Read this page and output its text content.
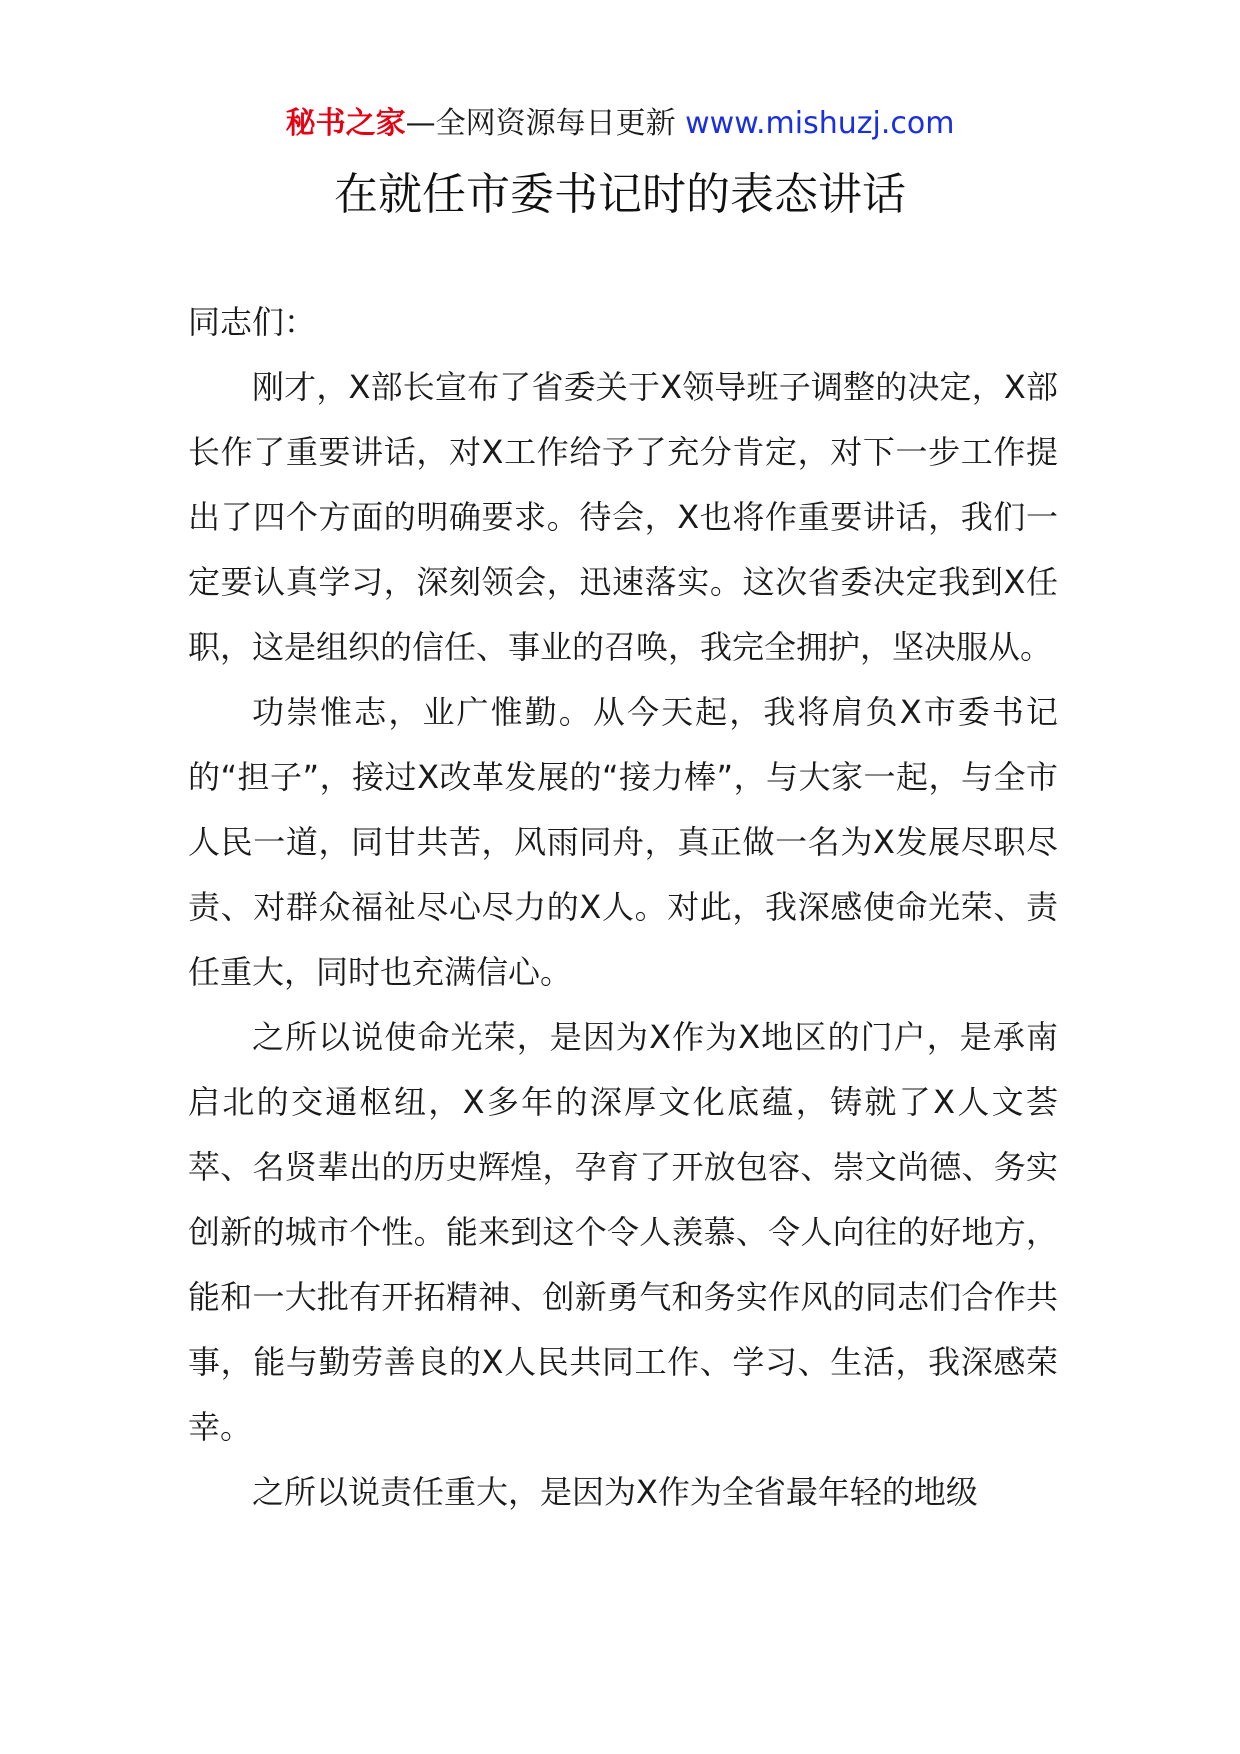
秘书之家—全网资源每日更新 www.mishuzj.com
在就任市委书记时的表态讲话

同志们：

刚才，X部长宣布了省委关于X领导班子调整的决定，X部长作了重要讲话，对X工作给予了充分肯定，对下一步工作提出了四个方面的明确要求。待会，X也将作重要讲话，我们一定要认真学习，深刻领会，迅速落实。这次省委决定我到X任职，这是组织的信任、事业的召唤，我完全拥护，坚决服从。

功崇惟志，业广惟勤。从今天起，我将肩负X市委书记的“担子”，接过X改革发展的“接力棒”，与大家一起，与全市人民一道，同甘共苦，风雨同舟，真正做一名为X发展尽职尽责、对群众福祉尽心尽力的X人。对此，我深感使命光荣、责任重大，同时也充满信心。

之所以说使命光荣，是因为X作为X地区的门户，是承南启北的交通枢纽，X多年的深厚文化底蕴，铸就了X人文荟萃、名贤辈出的历史辉煌，孕育了开放包容、崇文尚德、务实创新的城市个性。能来到这个令人羡慕、令人向往的好地方，能和一大批有开拓精神、创新勇气和务实作风的同志们合作共事，能与勤劳善良的X人民共同工作、学习、生活，我深感荣幸。

之所以说责任重大，是因为X作为全省最年轻的地级
